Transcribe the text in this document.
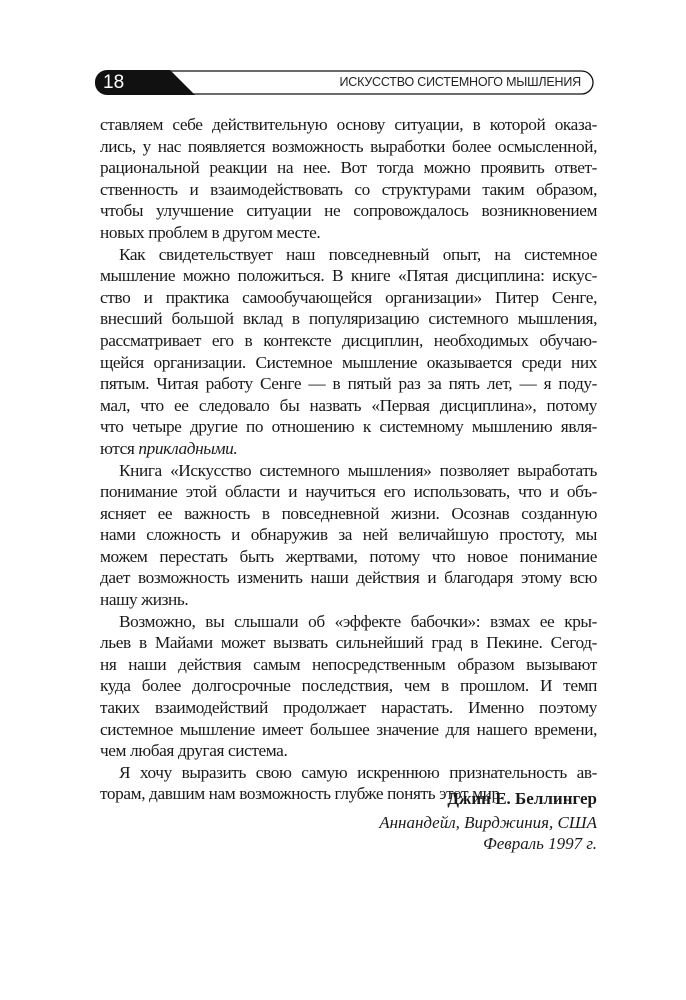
18	ИСКУССТВО СИСТЕМНОГО МЫШЛЕНИЯ
ставляем себе действительную основу ситуации, в которой оказа-
лись, у нас появляется возможность выработки более осмысленной,
рациональной реакции на нее. Вот тогда можно проявить ответ-
ственность и взаимодействовать со структурами таким образом,
чтобы улучшение ситуации не сопровождалось возникновением
новых проблем в другом месте.
Как свидетельствует наш повседневный опыт, на системное
мышление можно положиться. В книге «Пятая дисциплина: искус-
ство и практика самообучающейся организации» Питер Сенге,
внесший большой вклад в популяризацию системного мышления,
рассматривает его в контексте дисциплин, необходимых обучаю-
щейся организации. Системное мышление оказывается среди них
пятым. Читая работу Сенге — в пятый раз за пять лет, — я поду-
мал, что ее следовало бы назвать «Первая дисциплина», потому
что четыре другие по отношению к системному мышлению явля-
ются прикладными.
Книга «Искусство системного мышления» позволяет выработать
понимание этой области и научиться его использовать, что и объ-
ясняет ее важность в повседневной жизни. Осознав созданную
нами сложность и обнаружив за ней величайшую простоту, мы
можем перестать быть жертвами, потому что новое понимание
дает возможность изменить наши действия и благодаря этому всю
нашу жизнь.
Возможно, вы слышали об «эффекте бабочки»: взмах ее кры-
льев в Майами может вызвать сильнейший град в Пекине. Сегод-
ня наши действия самым непосредственным образом вызывают
куда более долгосрочные последствия, чем в прошлом. И темп
таких взаимодействий продолжает нарастать. Именно поэтому
системное мышление имеет большее значение для нашего времени,
чем любая другая система.
Я хочу выразить свою самую искреннюю признательность ав-
торам, давшим нам возможность глубже понять этот мир.
Джин Е. Беллингер
Аннандейл, Вирджиния, США
Февраль 1997 г.
